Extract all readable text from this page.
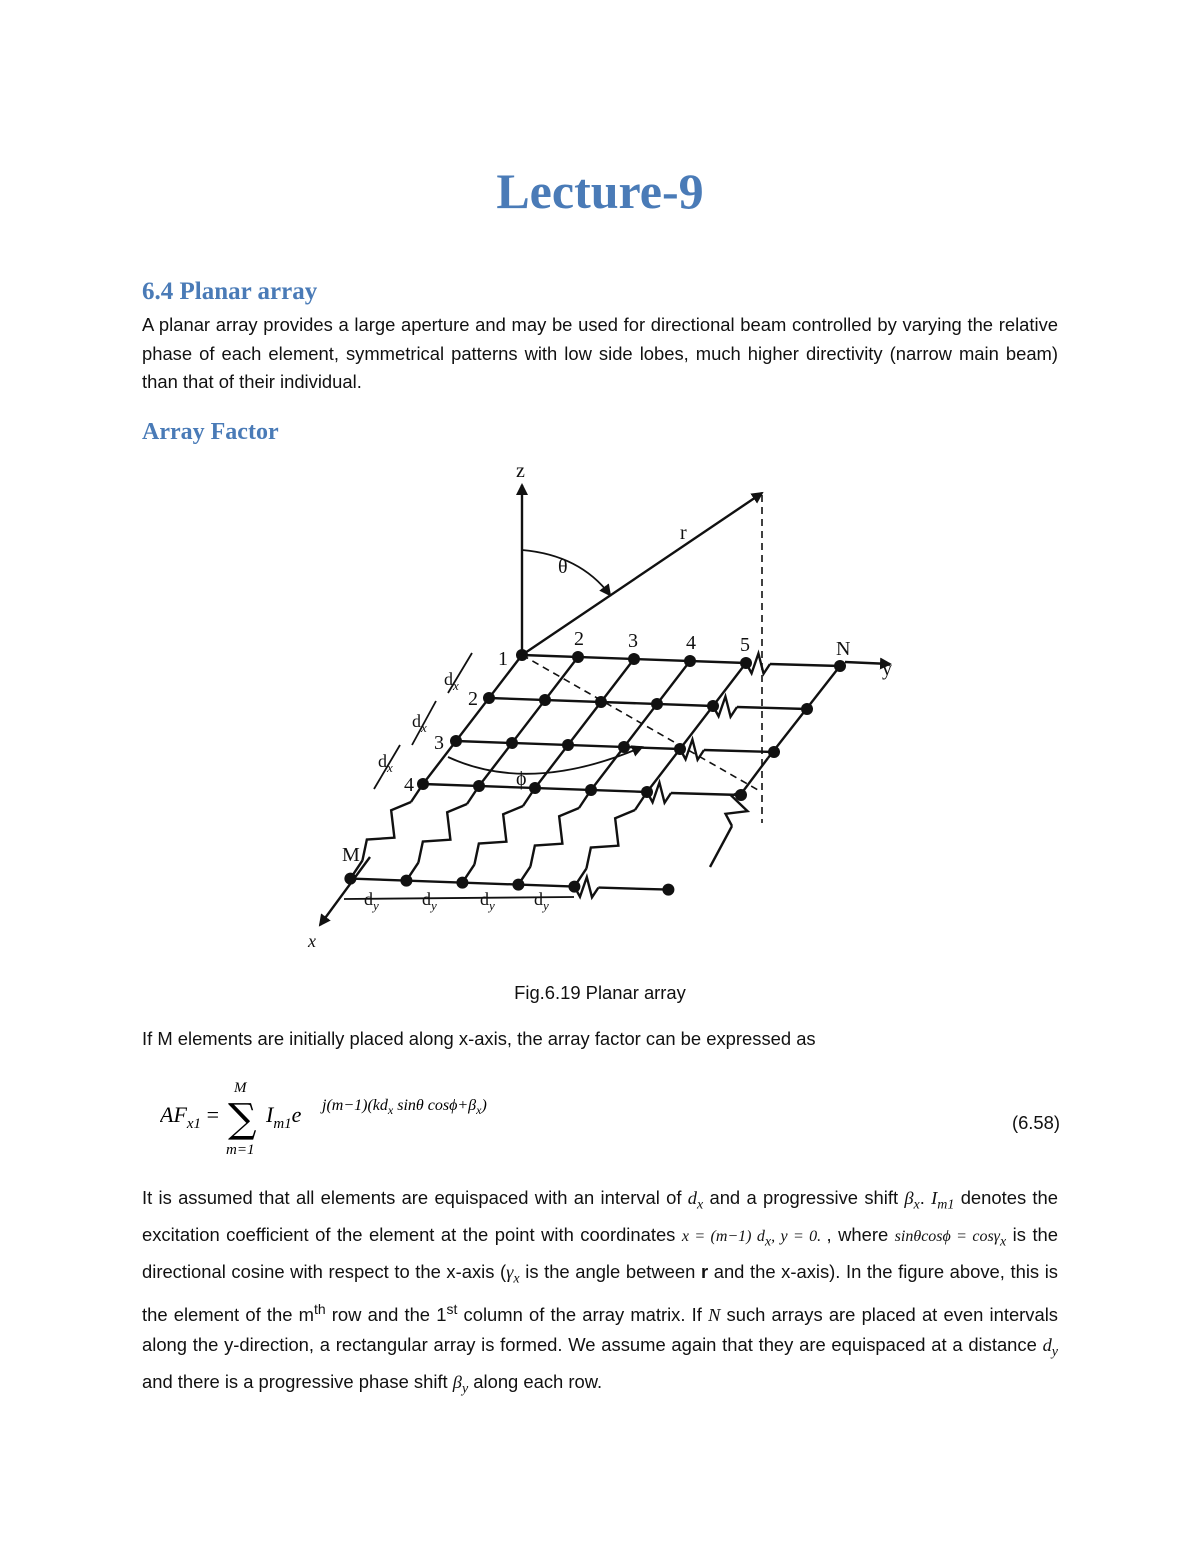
Lecture-9
6.4 Planar array

A planar array provides a large aperture and may be used for directional beam controlled by varying the relative phase of each element, symmetrical patterns with low side lobes, much higher directivity (narrow main beam) than that of their individual.

Array Factor
z
y
x
r
θ
ϕ
1
2
3
4
M
2 3 4 5	N
$d_x$
$d_x$
$d_x$
$d_y$ $d_y$ $d_y$ $d_y$

Fig.6.19 Planar array

If M elements are initially placed along x-axis, the array factor can be expressed as

$AF_{x1}$ = ∑
M
m=1
$I_{m1}e$ $j(m-1)(kd_x$ sinθ $\cos\phi+\beta_x$)
(6.58)

It is assumed that all elements are equispaced with an interval of $d_x$ and a progressive shift $\beta_x$. $I_{m1}$ denotes the excitation coefficient of the element at the point with coordinates x = (m−1) $d_x$, y = 0. , where sinθcosϕ = cosγ$_x$ is the directional cosine with respect to the x-axis ($\gamma_x$ is the angle between r and the x-axis). In the figure above, this is the element of the $m^{th}$ row and the 1st column of the array matrix. If N such arrays are placed at even intervals along the y-direction, a rectangular array is formed. We assume again that they are equispaced at a distance $d_y$ and there is a progressive phase shift $\beta_y$ along each row.
